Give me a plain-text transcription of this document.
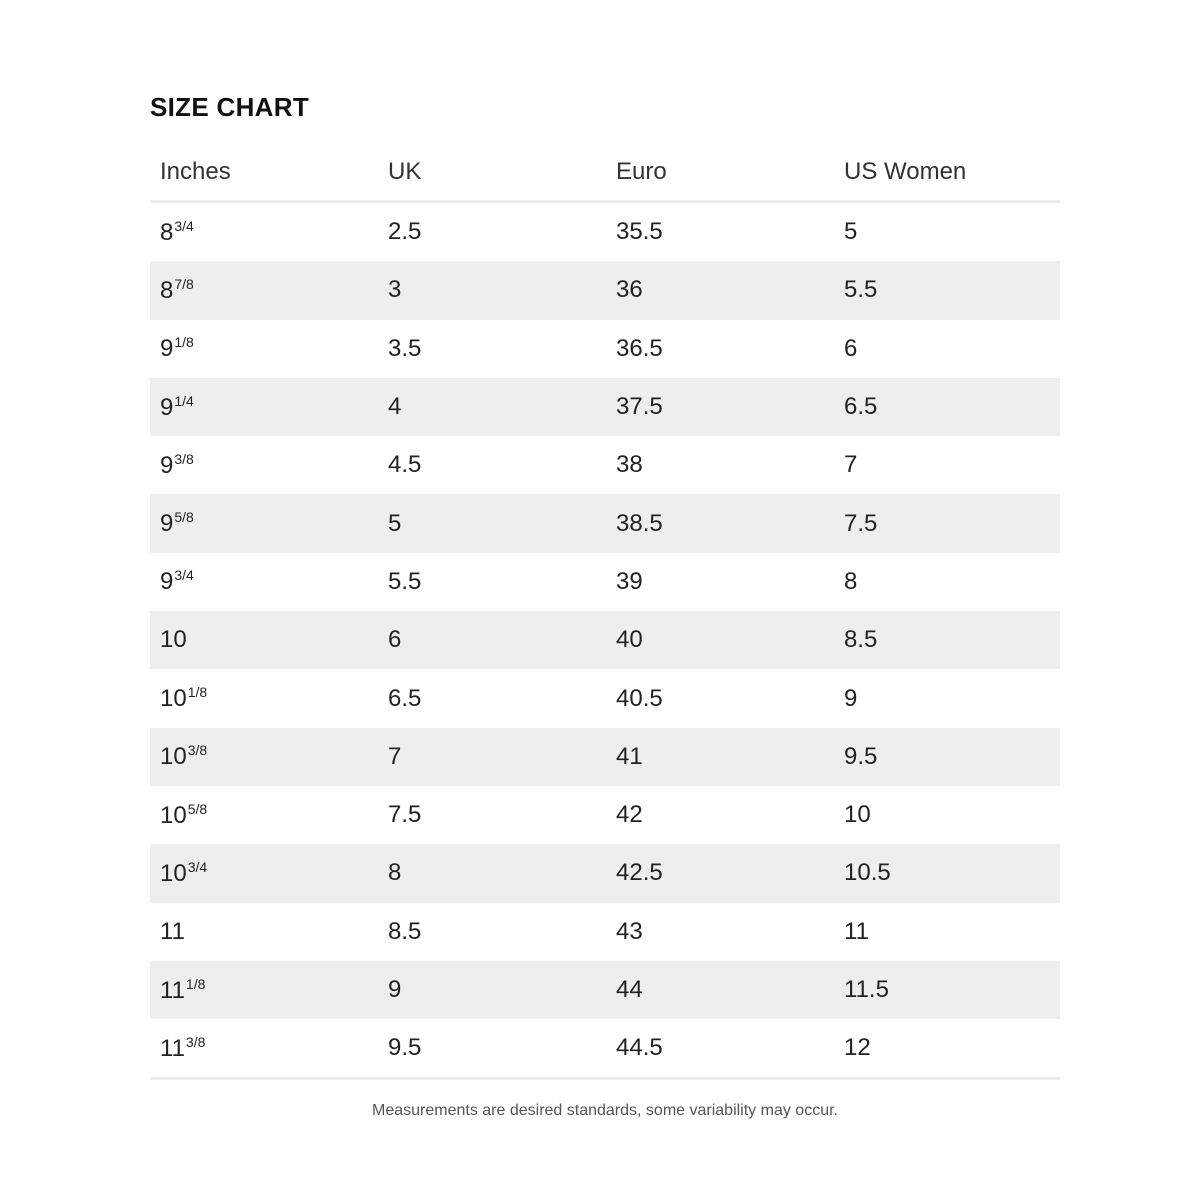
SIZE CHART
Inches	UK	Euro	US Women
$8^{3/4}$	2.5	35.5	5
$8^{7/8}$	3	36	5.5
$9^{1/8}$	3.5	36.5	6
$9^{1/4}$	4	37.5	6.5
$9^{3/8}$	4.5	38	7
$9^{5/8}$	5	38.5	7.5
$9^{3/4}$	5.5	39	8
10	6	40	8.5
$10^{1/8}$	6.5	40.5	9
$10^{3/8}$	7	41	9.5
$10^{5/8}$	7.5	42	10
$10^{3/4}$	8	42.5	10.5
11	8.5	43	11
$11^{1/8}$	9	44	11.5
$11^{3/8}$	9.5	44.5	12
Measurements are desired standards, some variability may occur.
